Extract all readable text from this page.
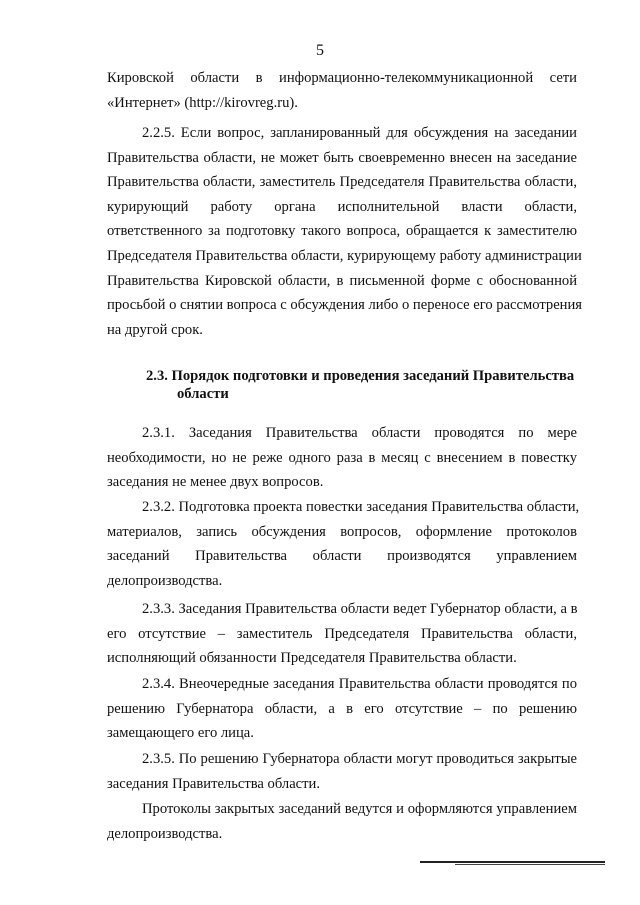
5
Кировской области в информационно-телекоммуникационной сети
«Интернет» (http://kirovreg.ru).
2.2.5. Если вопрос, запланированный для обсуждения на заседании
Правительства области, не может быть своевременно внесен на заседание
Правительства области, заместитель Председателя Правительства области,
курирующий работу органа исполнительной власти области,
ответственного за подготовку такого вопроса, обращается к заместителю
Председателя Правительства области, курирующему работу администрации
Правительства Кировской области, в письменной форме с обоснованной
просьбой о снятии вопроса с обсуждения либо о переносе его рассмотрения
на другой срок.
2.3. Порядок подготовки и проведения заседаний Правительства
области
2.3.1. Заседания Правительства области проводятся по мере
необходимости, но не реже одного раза в месяц с внесением в повестку
заседания не менее двух вопросов.
2.3.2. Подготовка проекта повестки заседания Правительства области,
материалов, запись обсуждения вопросов, оформление протоколов
заседаний Правительства области производятся управлением
делопроизводства.
2.3.3. Заседания Правительства области ведет Губернатор области, а в
его отсутствие – заместитель Председателя Правительства области,
исполняющий обязанности Председателя Правительства области.
2.3.4. Внеочередные заседания Правительства области проводятся по
решению Губернатора области, а в его отсутствие – по решению
замещающего его лица.
2.3.5. По решению Губернатора области могут проводиться закрытые
заседания Правительства области.
Протоколы закрытых заседаний ведутся и оформляются управлением
делопроизводства.
